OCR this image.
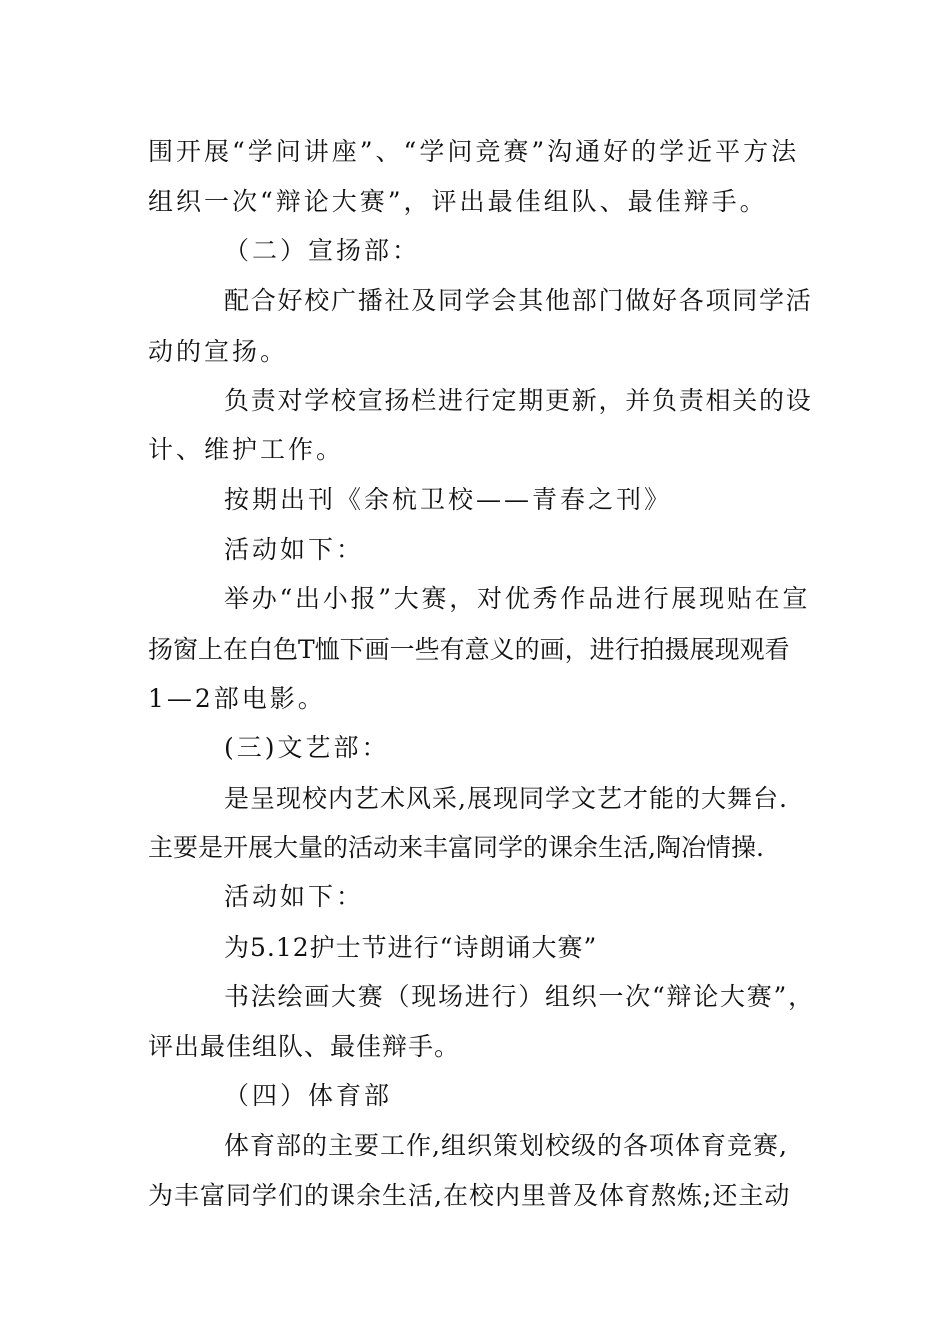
围开展“学问讲座”、“学问竞赛”沟通好的学近平方法
组织一次“辩论大赛”，评出最佳组队、最佳辩手。
（二）宣扬部：
配合好校广播社及同学会其他部门做好各项同学活
动的宣扬。
负责对学校宣扬栏进行定期更新，并负责相关的设
计、维护工作。
按期出刊《余杭卫校——青春之刊》
活动如下：
举办“出小报”大赛，对优秀作品进行展现贴在宣
扬窗上在白色T恤下画一些有意义的画，进行拍摄展现观看
1—2部电影。
(三)文艺部：
是呈现校内艺术风采,展现同学文艺才能的大舞台.
主要是开展大量的活动来丰富同学的课余生活,陶冶情操.
活动如下：
为5.12护士节进行“诗朗诵大赛”
书法绘画大赛（现场进行）组织一次“辩论大赛”，
评出最佳组队、最佳辩手。
（四）体育部
体育部的主要工作,组织策划校级的各项体育竞赛,
为丰富同学们的课余生活,在校内里普及体育熬炼;还主动
